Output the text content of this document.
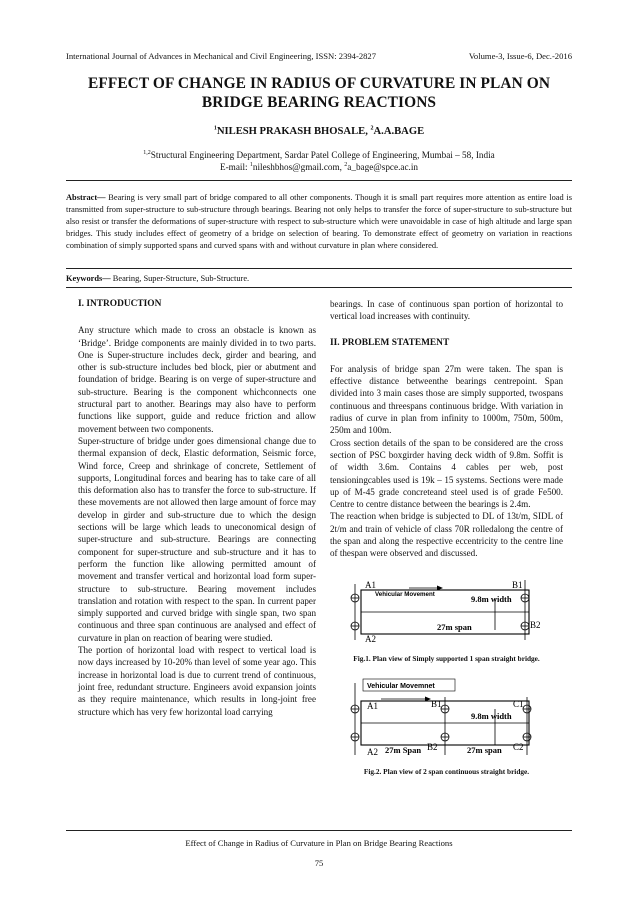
International Journal of Advances in Mechanical and Civil Engineering, ISSN: 2394-2827	Volume-3, Issue-6, Dec.-2016
EFFECT OF CHANGE IN RADIUS OF CURVATURE IN PLAN ON BRIDGE BEARING REACTIONS
$^1$NILESH PRAKASH BHOSALE, $^2$A.A.BAGE
$^{1,2}$Structural Engineering Department, Sardar Patel College of Engineering, Mumbai – 58, India
E-mail: $^1$nileshbhos@gmail.com, $^2$a_bage@spce.ac.in
Abstract— Bearing is very small part of bridge compared to all other components. Though it is small part requires more attention as entire load is transmitted from super-structure to sub-structure through bearings. Bearing not only helps to transfer the force of super-structure to sub-structure but also resist or transfer the deformations of super-structure with respect to sub-structure which were unavoidable in case of high altitude and large span bridges. This study includes effect of geometry of a bridge on selection of bearing. To demonstrate effect of geometry on variation in reactions combination of simply supported spans and curved spans with and without curvature in plan where considered.
Keywords— Bearing, Super-Structure, Sub-Structure.
I. INTRODUCTION

Any structure which made to cross an obstacle is known as ‘Bridge’. Bridge components are mainly divided in to two parts. One is Super-structure includes deck, girder and bearing, and other is sub-structure includes bed block, pier or abutment and foundation of bridge. Bearing is on verge of super-structure and sub-structure. Bearing is the component whichconnects one structural part to another. Bearings may also have to perform functions like support, guide and reduce friction and allow movement between two components.

Super-structure of bridge under goes dimensional change due to thermal expansion of deck, Elastic deformation, Seismic force, Wind force, Creep and shrinkage of concrete, Settlement of supports, Longitudinal forces and bearing has to take care of all this deformation also has to transfer the force to sub-structure. If these movements are not allowed then large amount of force may develop in girder and sub-structure due to which the design sections will be large which leads to uneconomical design of super-structure and sub-structure. Bearings are connecting component for super-structure and sub-structure and it has to perform the function like allowing permitted amount of movement and transfer vertical and horizontal load form super-structure to sub-structure. Bearing movement includes translation and rotation with respect to the span. In current paper simply supported and curved bridge with single span, two span continuous and three span continuous are analysed and effect of curvature in plan on reaction of bearing were studied.

The portion of horizontal load with respect to vertical load is now days increased by 10-20% than level of some year ago. This increase in horizontal load is due to current trend of continuous, joint free, redundant structure. Engineers avoid expansion joints as they require maintenance, which results in long-joint free structure which has very few horizontal load carrying

bearings. In case of continuous span portion of horizontal to vertical load increases with continuity.

II. PROBLEM STATEMENT

For analysis of bridge span 27m were taken. The span is effective distance betweenthe bearings centrepoint. Span divided into 3 main cases those are simply supported, twospans continuous and threespans continuous bridge. With variation in radius of curve in plan from infinity to 1000m, 750m, 500m, 250m and 100m.

Cross section details of the span to be considered are the cross section of PSC boxgirder having deck width of 9.8m. Soffit is of width 3.6m. Contains 4 cables per web, post tensioningcables used is 19k – 15 systems. Sections were made up of M-45 grade concreteand steel used is of grade Fe500. Centre to centre distance between the bearings is 2.4m.

The reaction when bridge is subjected to DL of 13t/m, SIDL of 2t/m and train of vehicle of class 70R rolledalong the centre of the span and along the respective eccentricity to the centre line of thespan were observed and discussed.

A1
A2
B1
B2
Vehicular Movement	9.8m width
27m span
Fig.1. Plan view of Simply supported 1 span straight bridge.
Vehicular Movemnet
A1
A2
B1
B2
C1
C2
9.8m width
27m Span	27m span
Fig.2. Plan view of 2 span continuous straight bridge.
Effect of Change in Radius of Curvature in Plan on Bridge Bearing Reactions
75
